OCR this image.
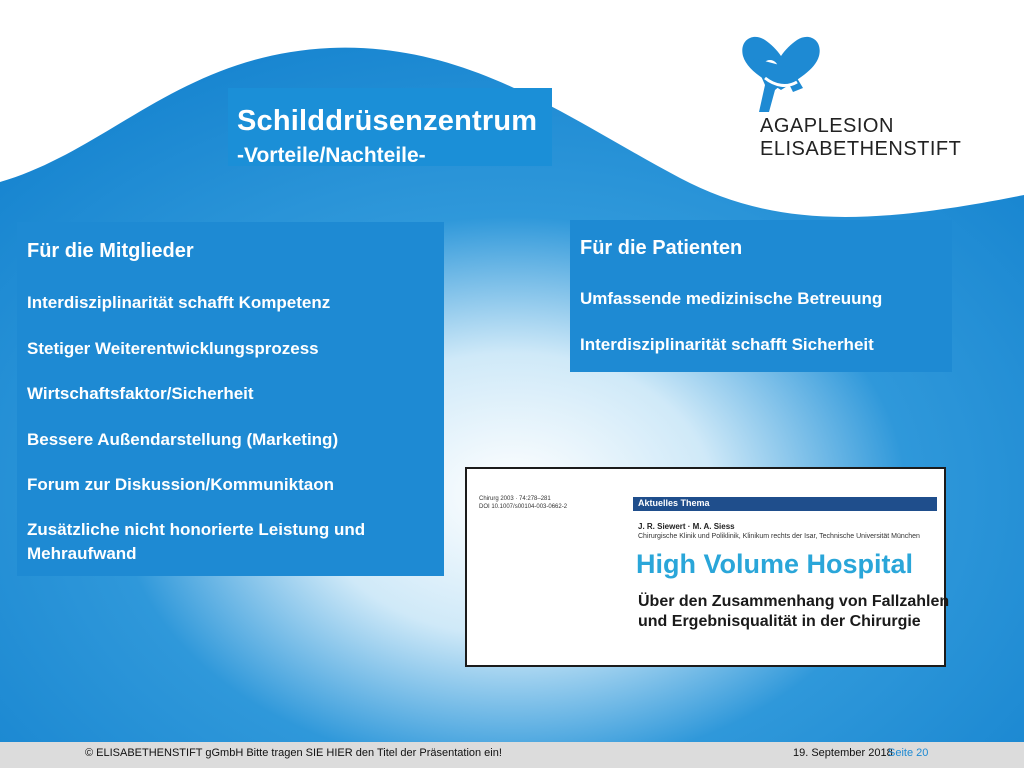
Schilddrüsenzentrum
-Vorteile/Nachteile-
AGAPLESION
ELISABETHENSTIFT
Für die Mitglieder
Interdisziplinarität schafft Kompetenz
Stetiger Weiterentwicklungsprozess
Wirtschaftsfaktor/Sicherheit
Bessere Außendarstellung (Marketing)
Forum zur Diskussion/Kommuniktaon
Zusätzliche nicht honorierte Leistung und
Mehraufwand
Für die Patienten
Umfassende medizinische Betreuung
Interdisziplinarität schafft Sicherheit
Chirurg 2003 · 74:278–281
DOI 10.1007/s00104-003-0662-2	Aktuelles Thema
J. R. Siewert · M. A. Siess
Chirurgische Klinik und Poliklinik, Klinikum rechts der Isar, Technische Universität München
High Volume Hospital
Über den Zusammenhang von Fallzahlen
und Ergebnisqualität in der Chirurgie
© ELISABETHENSTIFT gGmbH Bitte tragen SIE HIER den Titel der Präsentation ein!	19. September 2018
Seite 20
